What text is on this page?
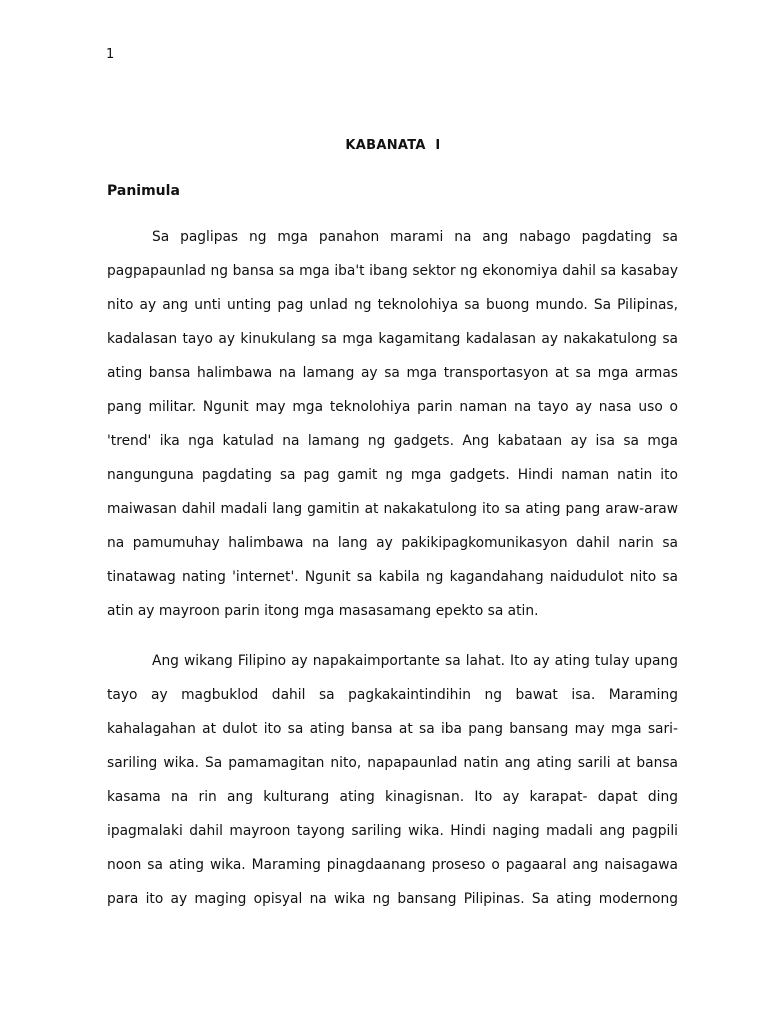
1
KABANATA  I
Panimula
Sa paglipas ng mga panahon marami na ang nabago pagdating sa
pagpapaunlad ng bansa sa mga iba't ibang sektor ng ekonomiya dahil sa kasabay
nito ay ang unti unting pag unlad ng teknolohiya sa buong mundo. Sa Pilipinas,
kadalasan tayo ay kinukulang sa mga kagamitang kadalasan ay nakakatulong sa
ating bansa halimbawa na lamang ay sa mga transportasyon at sa mga armas
pang militar. Ngunit may mga teknolohiya parin naman na tayo ay nasa uso o
'trend' ika nga katulad na lamang ng gadgets. Ang kabataan ay isa sa mga
nangunguna pagdating sa pag gamit ng mga gadgets. Hindi naman natin ito
maiwasan dahil madali lang gamitin at nakakatulong ito sa ating pang araw-araw
na pamumuhay halimbawa na lang ay pakikipagkomunikasyon dahil narin sa
tinatawag nating 'internet'. Ngunit sa kabila ng kagandahang naidudulot nito sa
atin ay mayroon parin itong mga masasamang epekto sa atin.
Ang wikang Filipino ay napakaimportante sa lahat. Ito ay ating tulay upang
tayo ay magbuklod dahil sa pagkakaintindihin ng bawat isa. Maraming
kahalagahan at dulot ito sa ating bansa at sa iba pang bansang may mga sari-
sariling wika. Sa pamamagitan nito, napapaunlad natin ang ating sarili at bansa
kasama na rin ang kulturang ating kinagisnan. Ito ay karapat- dapat ding
ipagmalaki dahil mayroon tayong sariling wika. Hindi naging madali ang pagpili
noon sa ating wika. Maraming pinagdaanang proseso o pagaaral ang naisagawa
para ito ay maging opisyal na wika ng bansang Pilipinas. Sa ating modernong
